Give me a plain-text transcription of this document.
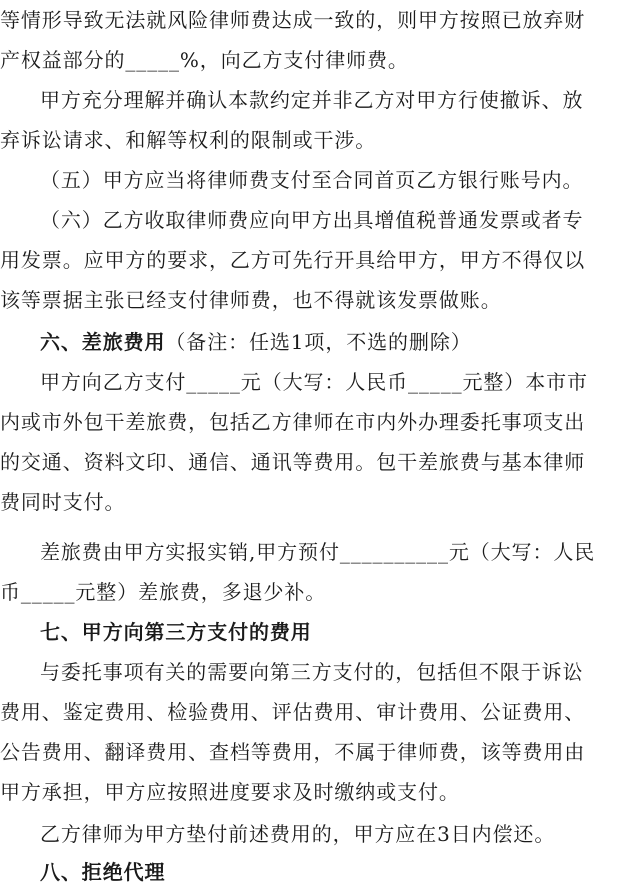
等情形导致无法就风险律师费达成一致的，则甲方按照已放弃财
产权益部分的_____%，向乙方支付律师费。
甲方充分理解并确认本款约定并非乙方对甲方行使撤诉、放
弃诉讼请求、和解等权利的限制或干涉。
（五）甲方应当将律师费支付至合同首页乙方银行账号内。
（六）乙方收取律师费应向甲方出具增值税普通发票或者专
用发票。应甲方的要求，乙方可先行开具给甲方，甲方不得仅以
该等票据主张已经支付律师费，也不得就该发票做账。
六、差旅费用（备注：任选1项，不选的删除）
甲方向乙方支付_____元（大写：人民币_____元整）本市市
内或市外包干差旅费，包括乙方律师在市内外办理委托事项支出
的交通、资料文印、通信、通讯等费用。包干差旅费与基本律师
费同时支付。
差旅费由甲方实报实销,甲方预付__________元（大写：人民
币_____元整）差旅费，多退少补。
七、甲方向第三方支付的费用
与委托事项有关的需要向第三方支付的，包括但不限于诉讼
费用、鉴定费用、检验费用、评估费用、审计费用、公证费用、
公告费用、翻译费用、查档等费用，不属于律师费，该等费用由
甲方承担，甲方应按照进度要求及时缴纳或支付。
乙方律师为甲方垫付前述费用的，甲方应在3日内偿还。
八、拒绝代理
